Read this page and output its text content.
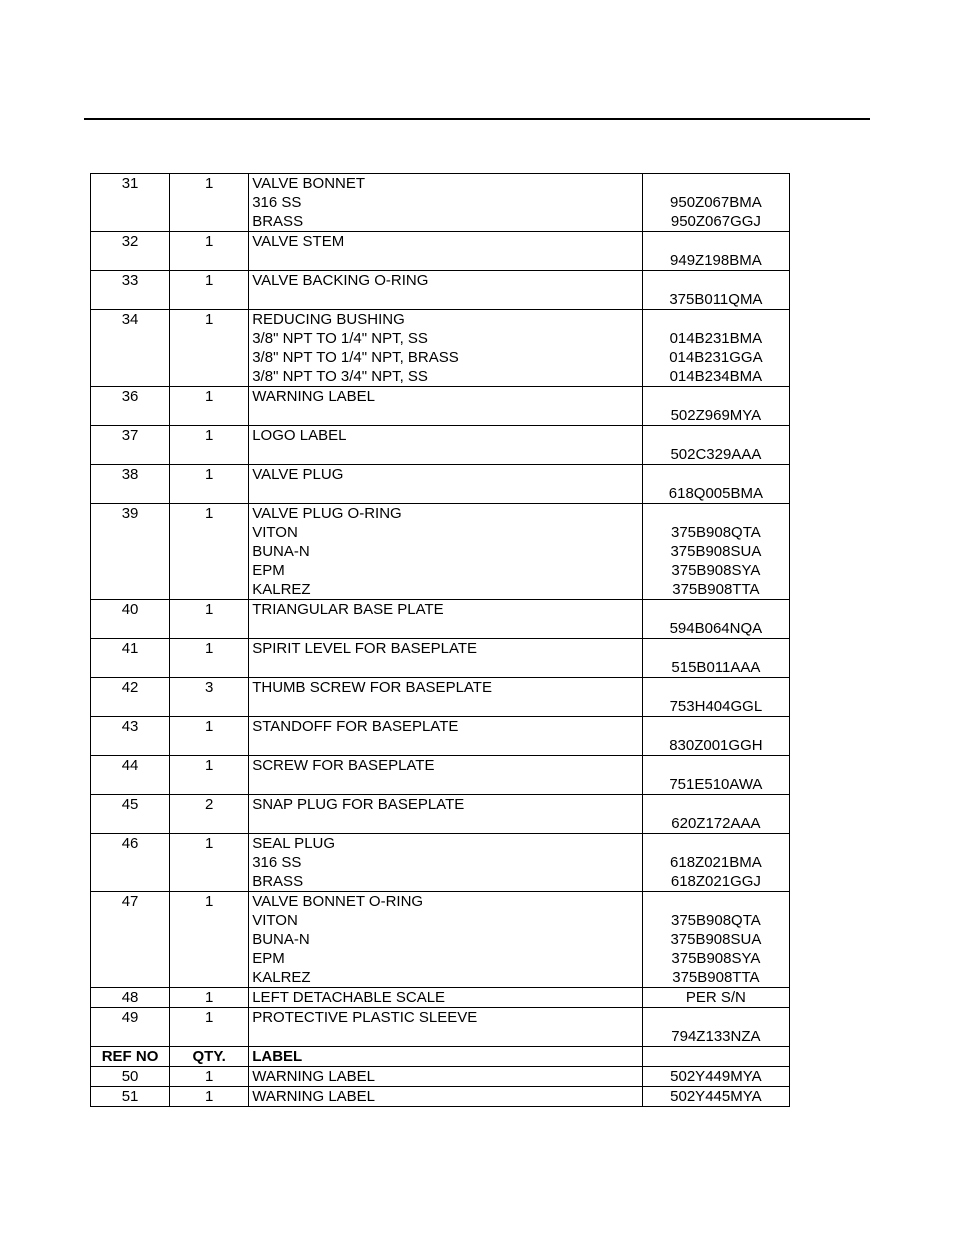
31	1	VALVE BONNET	
		316 SS	950Z067BMA
		BRASS	950Z067GGJ
32	1	VALVE STEM	
			949Z198BMA
33	1	VALVE BACKING O-RING	
			375B011QMA
34	1	REDUCING BUSHING	
		3/8" NPT TO 1/4" NPT, SS	014B231BMA
		3/8" NPT TO 1/4" NPT, BRASS	014B231GGA
		3/8" NPT TO 3/4" NPT, SS	014B234BMA
36	1	WARNING LABEL	
			502Z969MYA
37	1	LOGO LABEL	
			502C329AAA
38	1	VALVE PLUG	
			618Q005BMA
39	1	VALVE PLUG O-RING	
		VITON	375B908QTA
		BUNA-N	375B908SUA
		EPM	375B908SYA
		KALREZ	375B908TTA
40	1	TRIANGULAR BASE PLATE	
			594B064NQA
41	1	SPIRIT LEVEL FOR BASEPLATE	
			515B011AAA
42	3	THUMB SCREW FOR BASEPLATE	
			753H404GGL
43	1	STANDOFF FOR BASEPLATE	
			830Z001GGH
44	1	SCREW FOR BASEPLATE	
			751E510AWA
45	2	SNAP PLUG FOR BASEPLATE	
			620Z172AAA
46	1	SEAL PLUG	
		316 SS	618Z021BMA
		BRASS	618Z021GGJ
47	1	VALVE BONNET O-RING	
		VITON	375B908QTA
		BUNA-N	375B908SUA
		EPM	375B908SYA
		KALREZ	375B908TTA
48	1	LEFT DETACHABLE SCALE	PER S/N
49	1	PROTECTIVE PLASTIC SLEEVE	
			794Z133NZA
REF NO	QTY.	LABEL	
50	1	WARNING LABEL	502Y449MYA
51	1	WARNING LABEL	502Y445MYA
